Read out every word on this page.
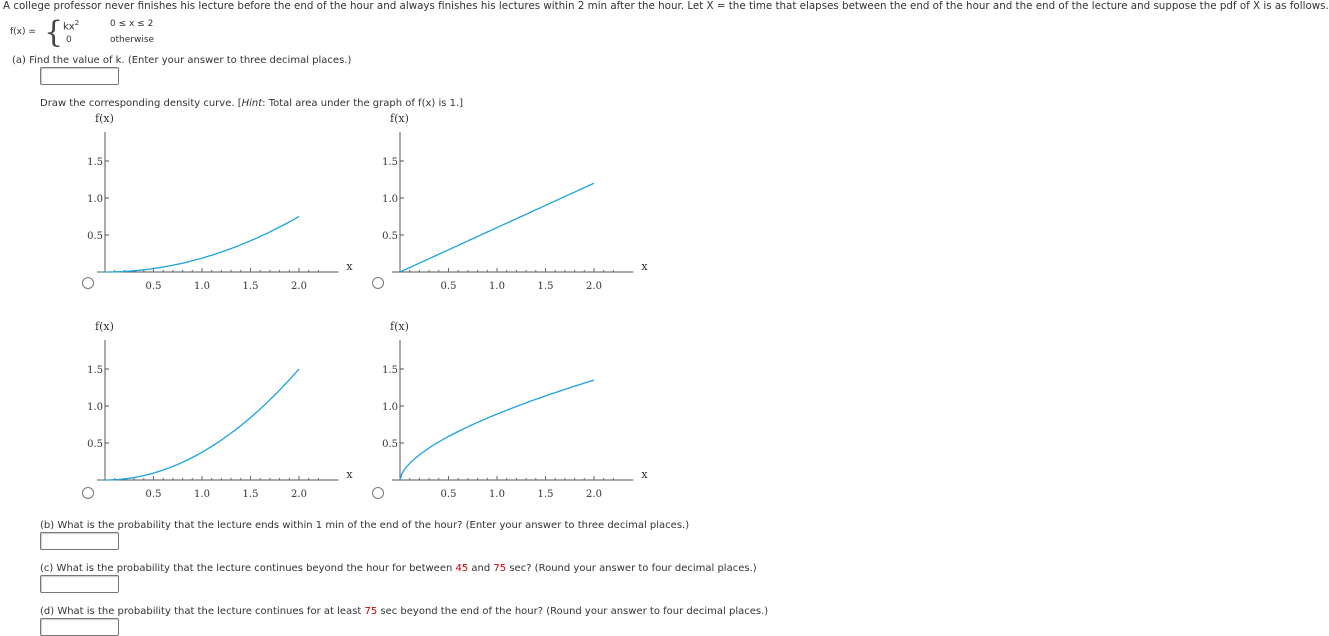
A college professor never finishes his lecture before the end of the hour and always finishes his lectures within 2 min after the hour. Let X = the time that elapses between the end of the hour and the end of the lecture and suppose the pdf of X is as follows.
f(x) = { $kx^2$	0 ≤ x ≤ 2
0	otherwise
(a) Find the value of k. (Enter your answer to three decimal places.)
Draw the corresponding density curve. [Hint: Total area under the graph of f(x) is 1.]
f(x)
0.5
1.0
1.5
0.5	1.0	1.5	2.0
x
f(x)
0.5
1.0
1.5
0.5	1.0	1.5	2.0
x
f(x)
0.5
1.0
1.5
0.5	1.0	1.5	2.0
x
f(x)
0.5
1.0
1.5
0.5	1.0	1.5	2.0
x
(b) What is the probability that the lecture ends within 1 min of the end of the hour? (Enter your answer to three decimal places.)
(c) What is the probability that the lecture continues beyond the hour for between 45 and 75 sec? (Round your answer to four decimal places.)
(d) What is the probability that the lecture continues for at least 75 sec beyond the end of the hour? (Round your answer to four decimal places.)
